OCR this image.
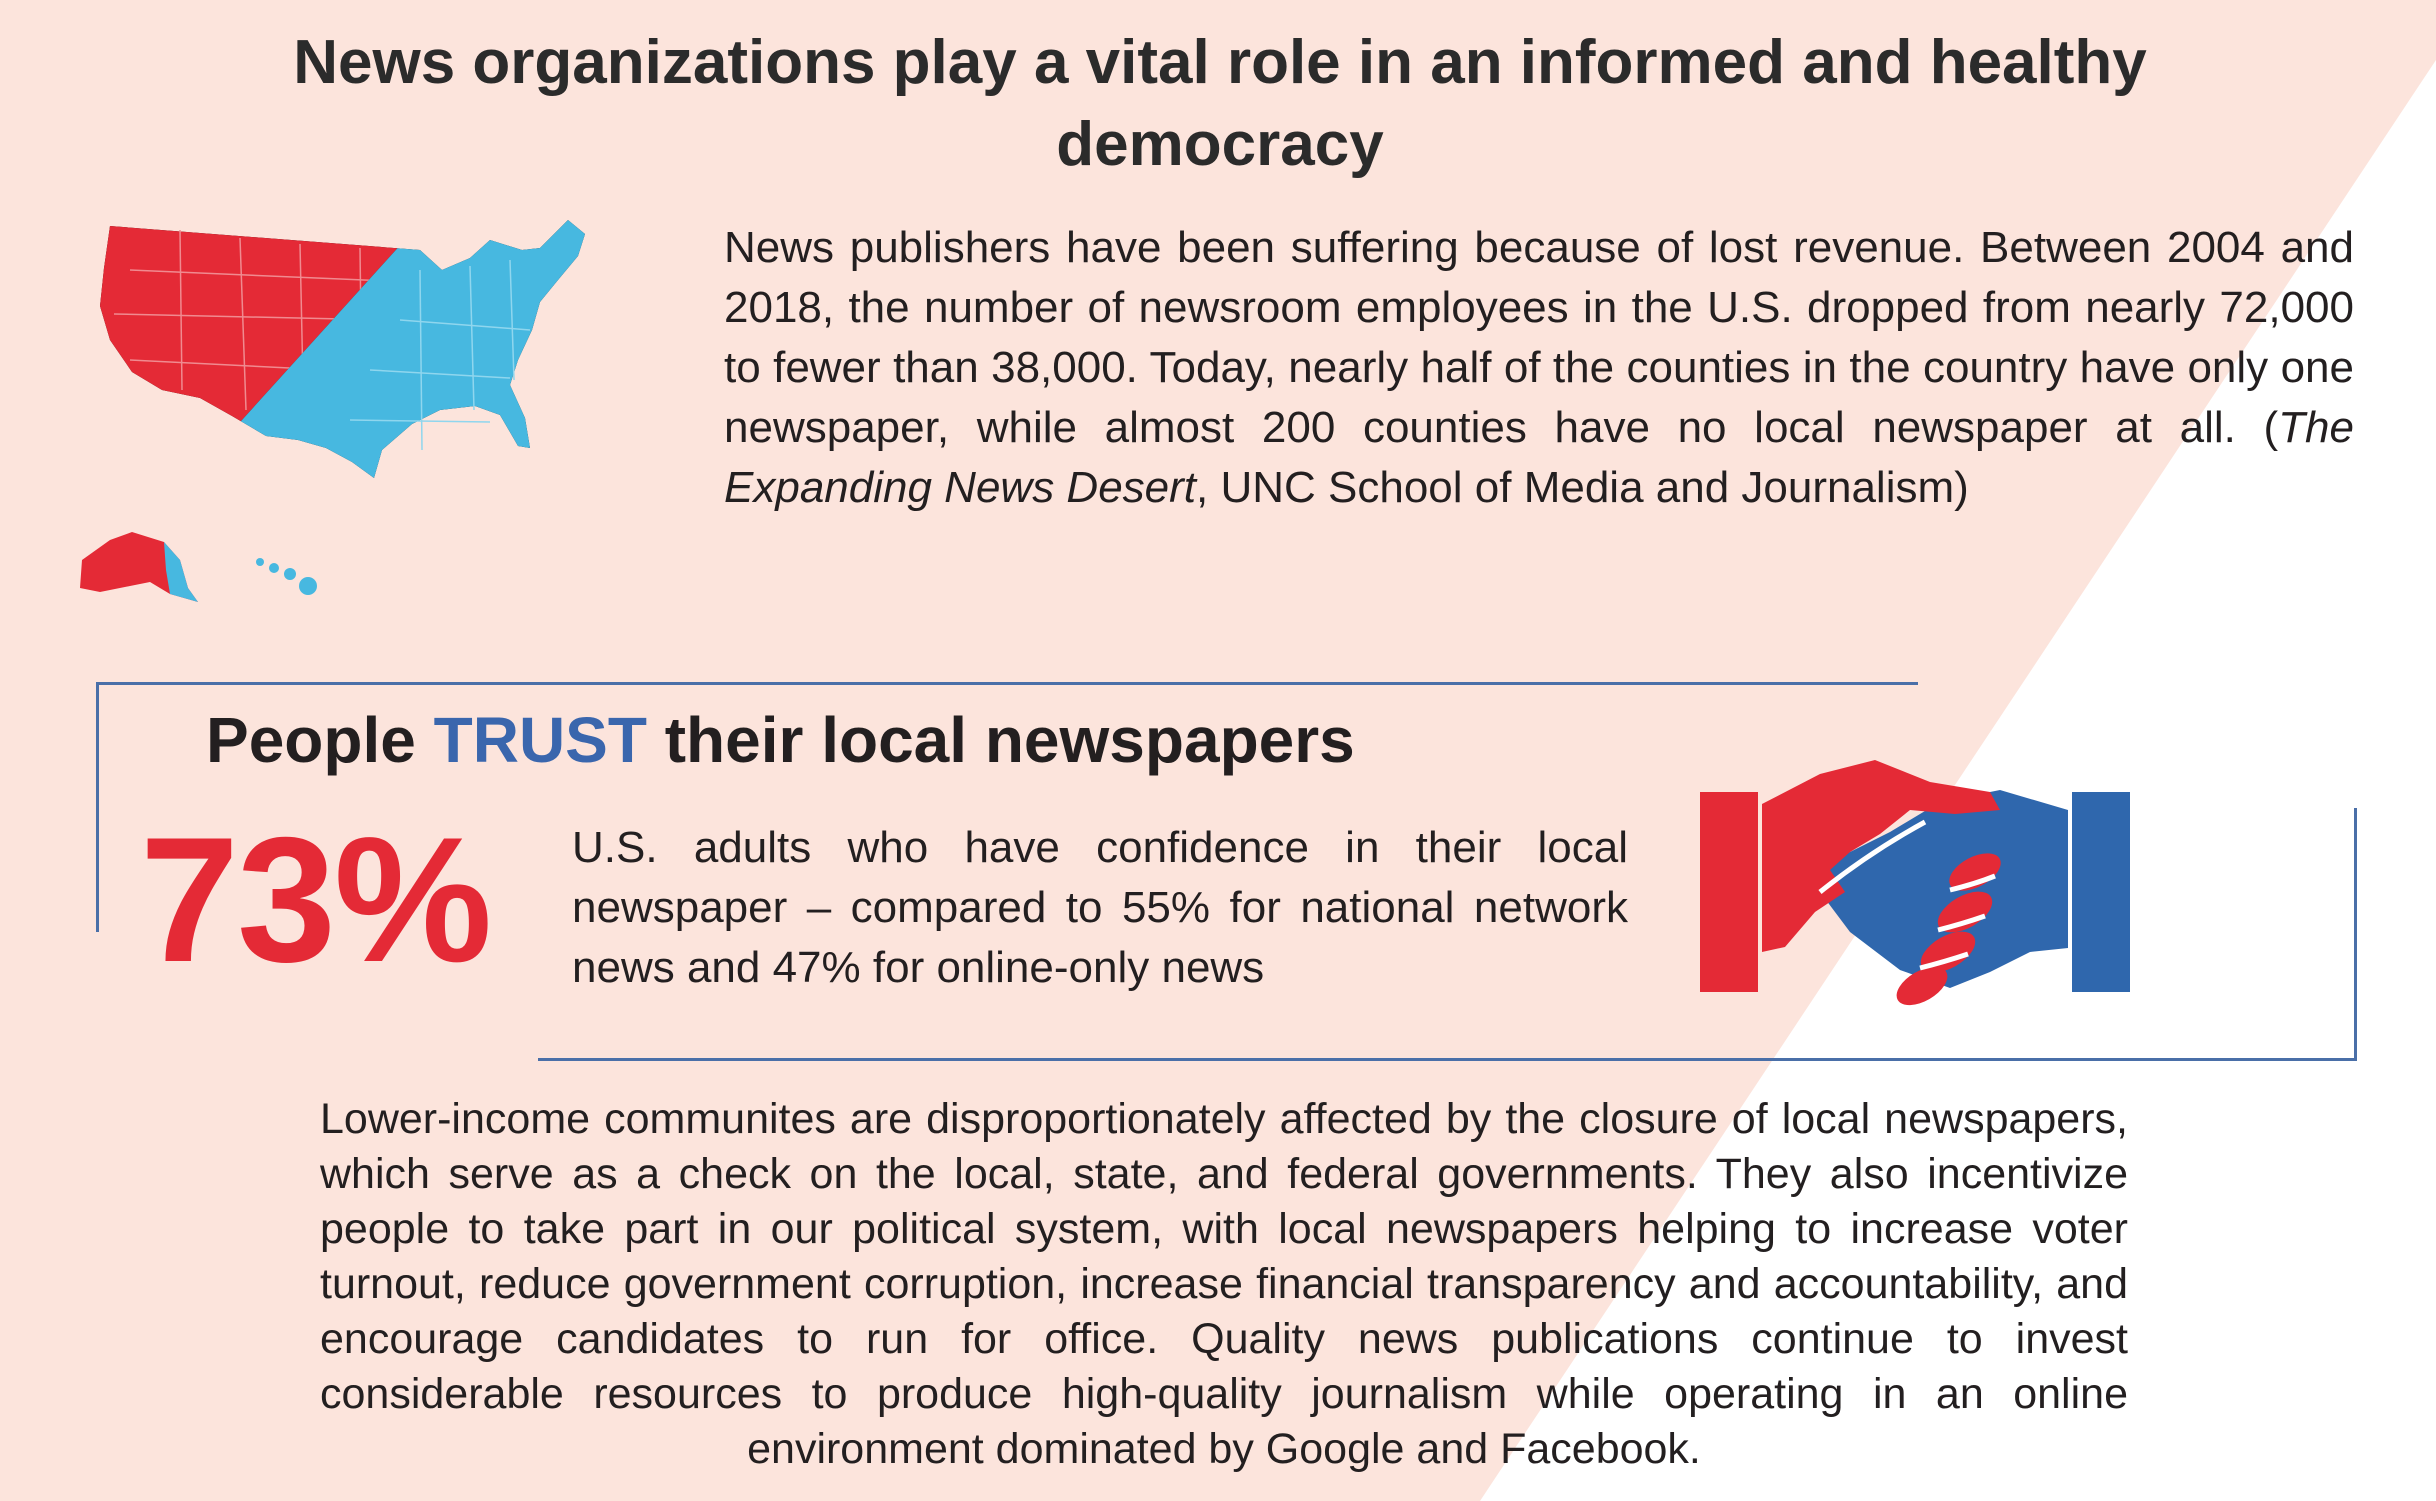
News organizations play a vital role in an informed and healthy democracy
News publishers have been suffering because of lost revenue. Between 2004 and 2018, the number of newsroom employees in the U.S. dropped from nearly 72,000 to fewer than 38,000. Today, nearly half of the counties in the country have only one newspaper, while almost 200 counties have no local newspaper at all. (The Expanding News Desert, UNC School of Media and Journalism)
People TRUST their local newspapers
73% U.S. adults who have confidence in their local newspaper – compared to 55% for national network news and 47% for online-only news
Lower-income communites are disproportionately affected by the closure of local newspapers, which serve as a check on the local, state, and federal governments. They also incentivize people to take part in our political system, with local newspapers helping to increase voter turnout, reduce government corruption, increase financial transparency and accountability, and encourage candidates to run for office. Quality news publications continue to invest considerable resources to produce high-quality journalism while operating in an online environment dominated by Google and Facebook.
